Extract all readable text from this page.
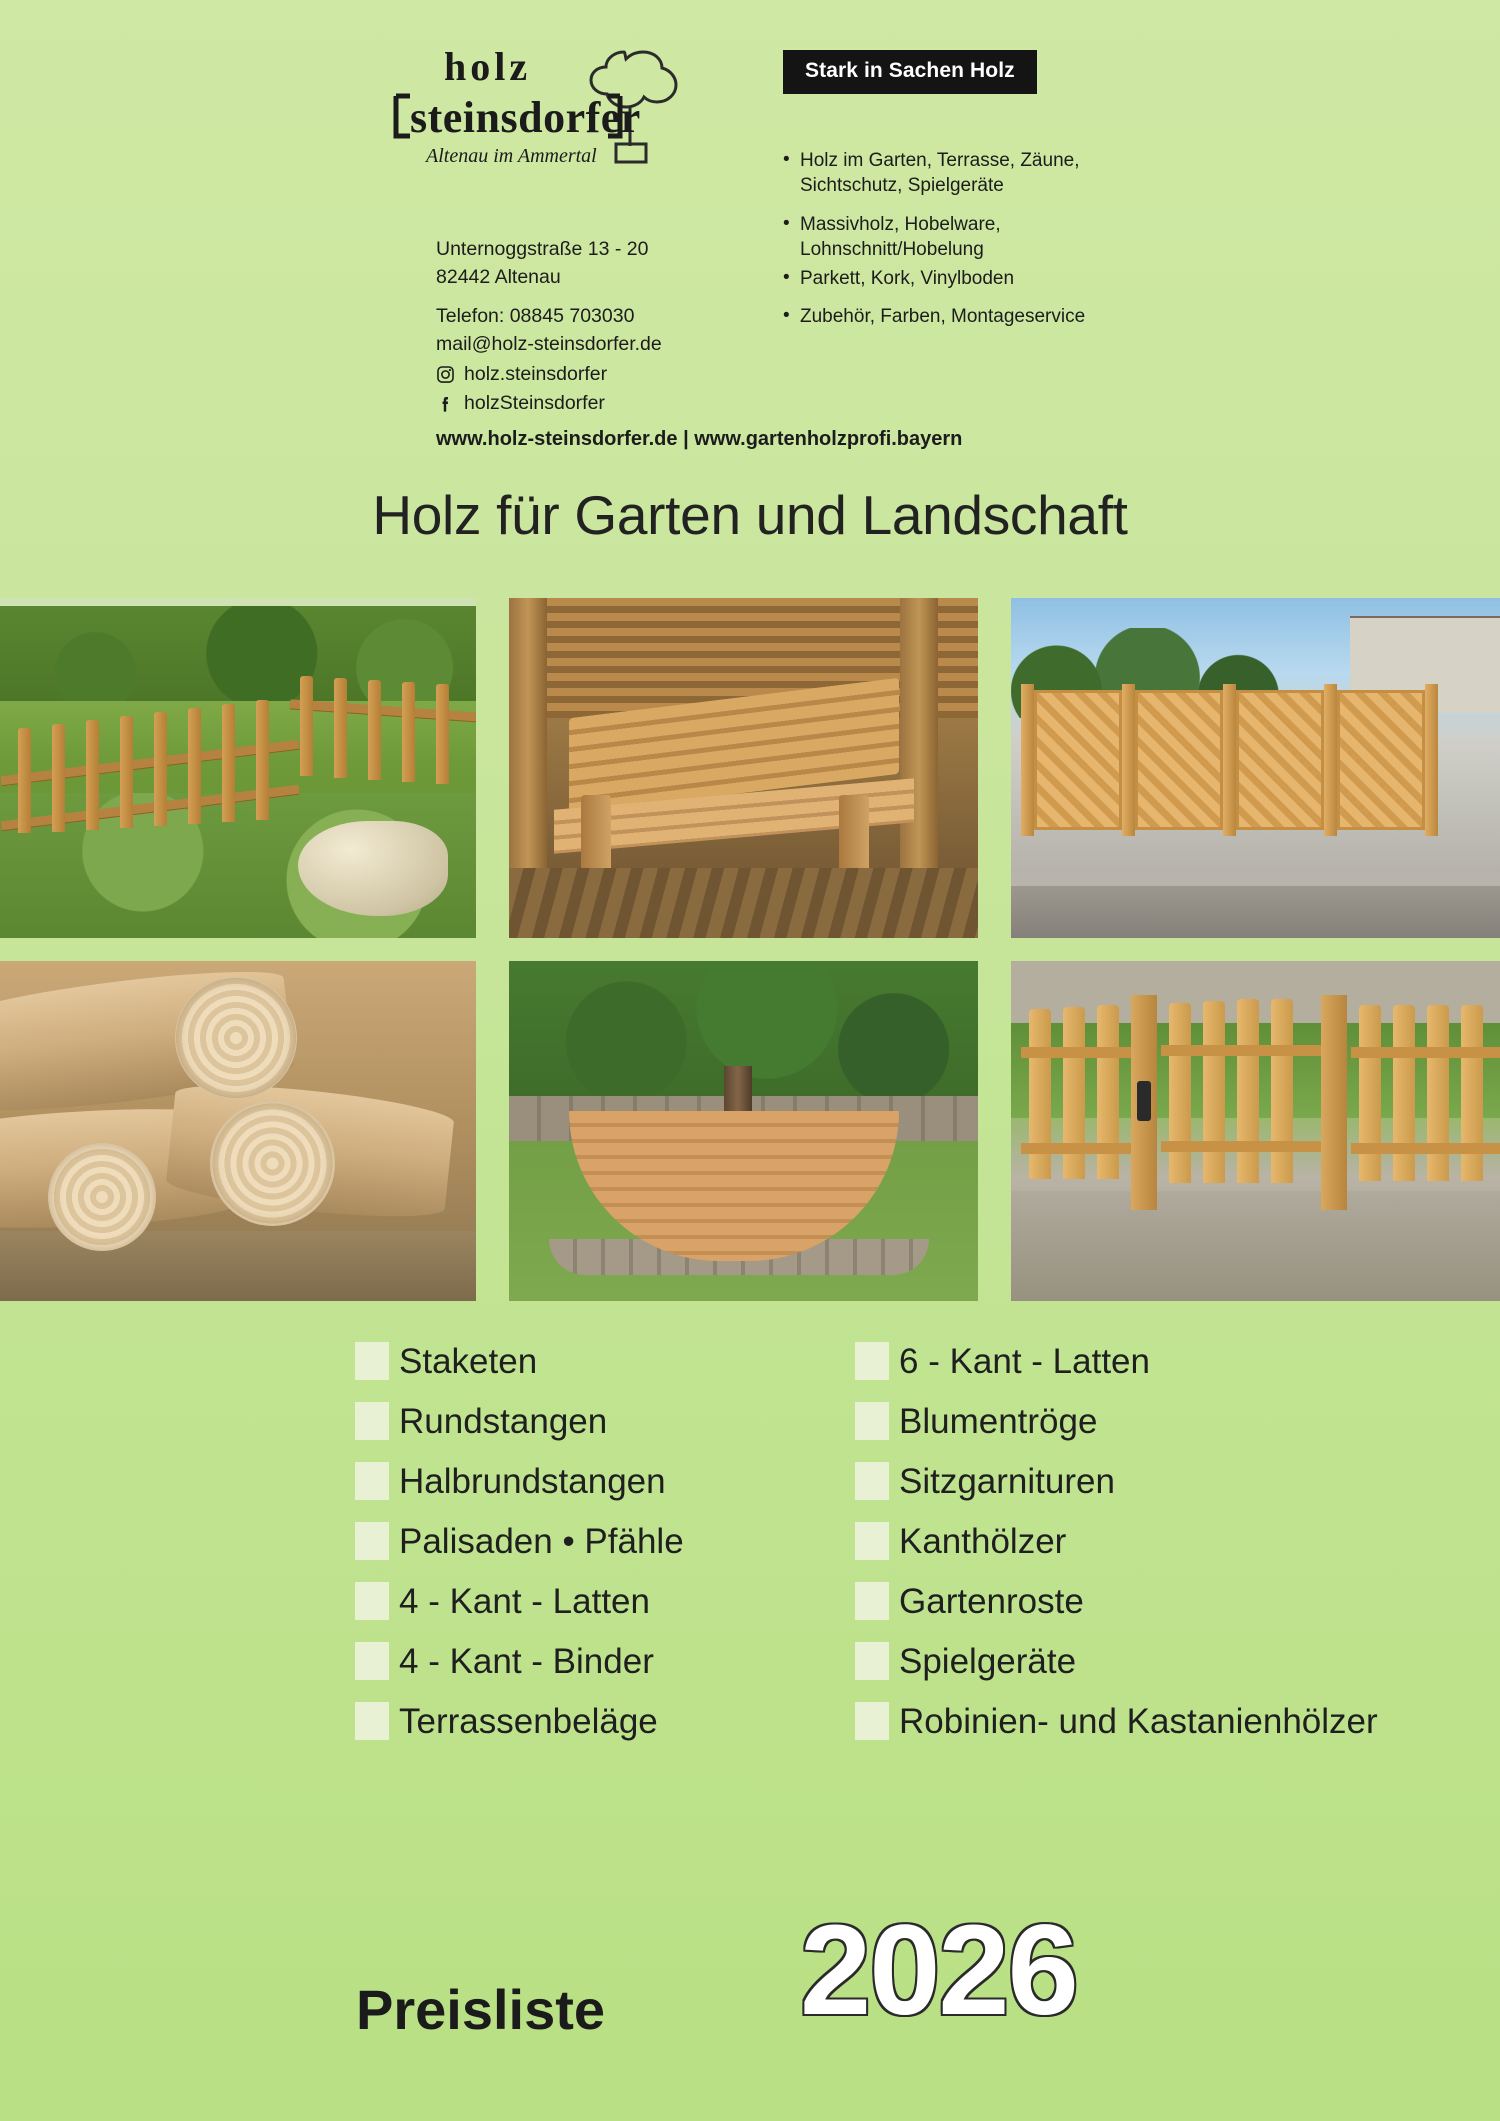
holz
steinsdorfer
Altenau im Ammertal
Unternoggstraße 13 - 20
82442 Altenau
Telefon: 08845 703030
mail@holz-steinsdorfer.de
holz.steinsdorfer
holzSteinsdorfer
Stark in Sachen Holz
• Holz im Garten, Terrasse, Zäune, Sichtschutz, Spielgeräte
• Massivholz, Hobelware, Lohnschnitt/Hobelung
• Parkett, Kork, Vinylboden
• Zubehör, Farben, Montageservice
www.holz-steinsdorfer.de | www.gartenholzprofi.bayern
Holz für Garten und Landschaft
Staketen
Rundstangen
Halbrundstangen
Palisaden • Pfähle
4 - Kant - Latten
4 - Kant - Binder
Terrassenbeläge
6 - Kant - Latten
Blumentröge
Sitzgarnituren
Kanthölzer
Gartenroste
Spielgeräte
Robinien- und Kastanienhölzer
Preisliste 2026
